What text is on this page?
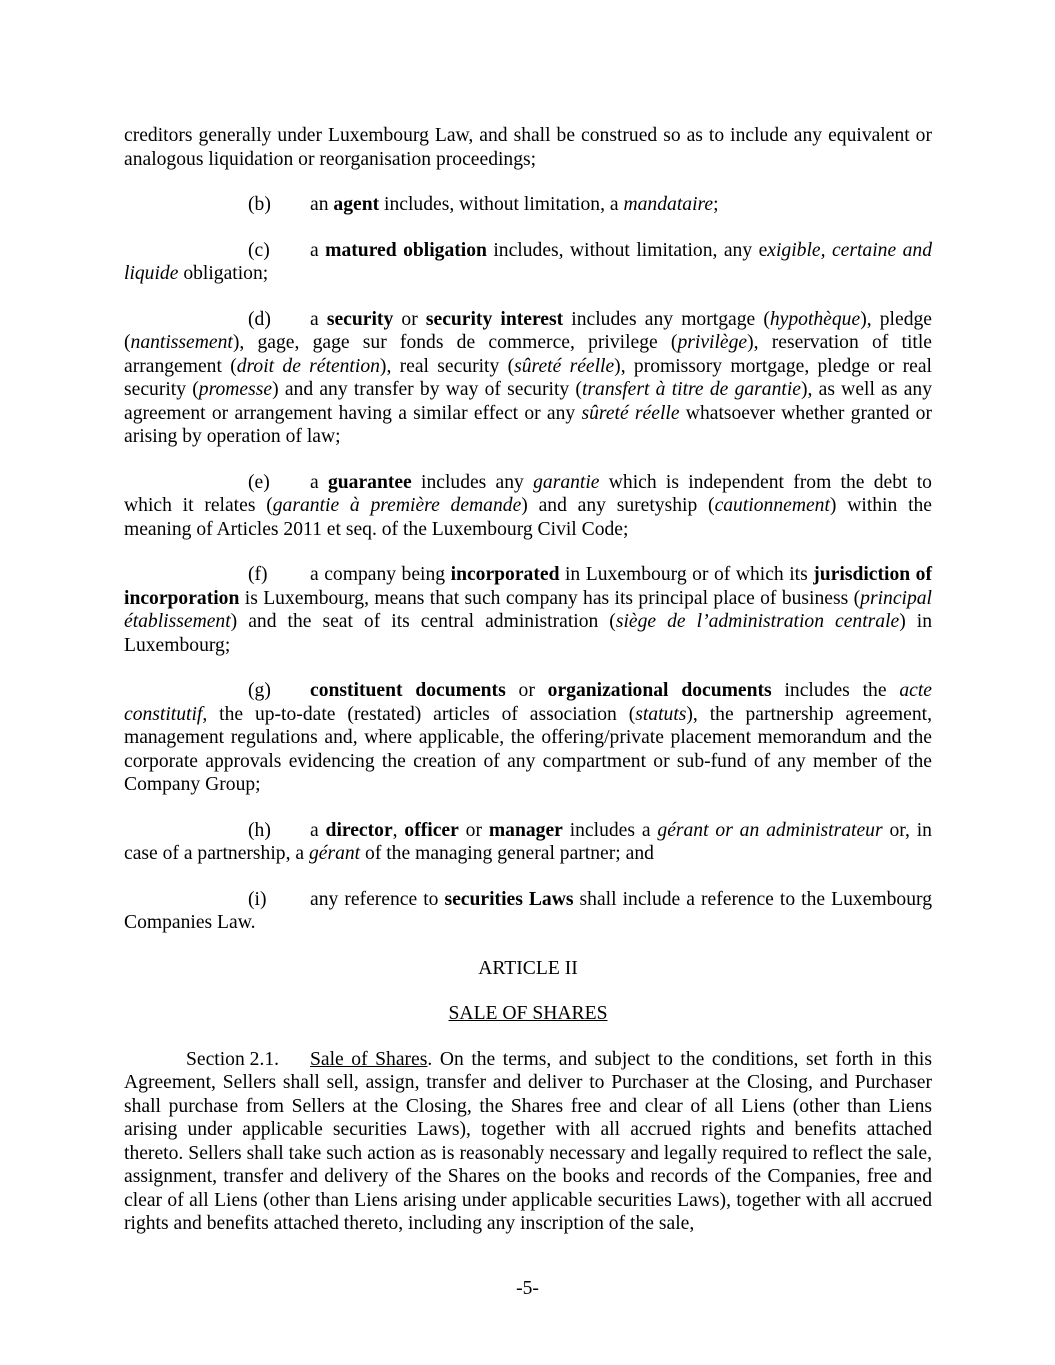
creditors generally under Luxembourg Law, and shall be construed so as to include any equivalent or analogous liquidation or reorganisation proceedings;

(b) an agent includes, without limitation, a mandataire;

(c) a matured obligation includes, without limitation, any exigible, certaine and liquide obligation;

(d) a security or security interest includes any mortgage (hypothèque), pledge (nantissement), gage, gage sur fonds de commerce, privilege (privilège), reservation of title arrangement (droit de rétention), real security (sûreté réelle), promissory mortgage, pledge or real security (promesse) and any transfer by way of security (transfert à titre de garantie), as well as any agreement or arrangement having a similar effect or any sûreté réelle whatsoever whether granted or arising by operation of law;

(e) a guarantee includes any garantie which is independent from the debt to which it relates (garantie à première demande) and any suretyship (cautionnement) within the meaning of Articles 2011 et seq. of the Luxembourg Civil Code;

(f) a company being incorporated in Luxembourg or of which its jurisdiction of incorporation is Luxembourg, means that such company has its principal place of business (principal établissement) and the seat of its central administration (siège de l’administration centrale) in Luxembourg;

(g) constituent documents or organizational documents includes the acte constitutif, the up-to-date (restated) articles of association (statuts), the partnership agreement, management regulations and, where applicable, the offering/private placement memorandum and the corporate approvals evidencing the creation of any compartment or sub-fund of any member of the Company Group;

(h) a director, officer or manager includes a gérant or an administrateur or, in case of a partnership, a gérant of the managing general partner; and

(i) any reference to securities Laws shall include a reference to the Luxembourg Companies Law.

ARTICLE II

SALE OF SHARES

Section 2.1. Sale of Shares. On the terms, and subject to the conditions, set forth in this Agreement, Sellers shall sell, assign, transfer and deliver to Purchaser at the Closing, and Purchaser shall purchase from Sellers at the Closing, the Shares free and clear of all Liens (other than Liens arising under applicable securities Laws), together with all accrued rights and benefits attached thereto. Sellers shall take such action as is reasonably necessary and legally required to reflect the sale, assignment, transfer and delivery of the Shares on the books and records of the Companies, free and clear of all Liens (other than Liens arising under applicable securities Laws), together with all accrued rights and benefits attached thereto, including any inscription of the sale,

-5-
